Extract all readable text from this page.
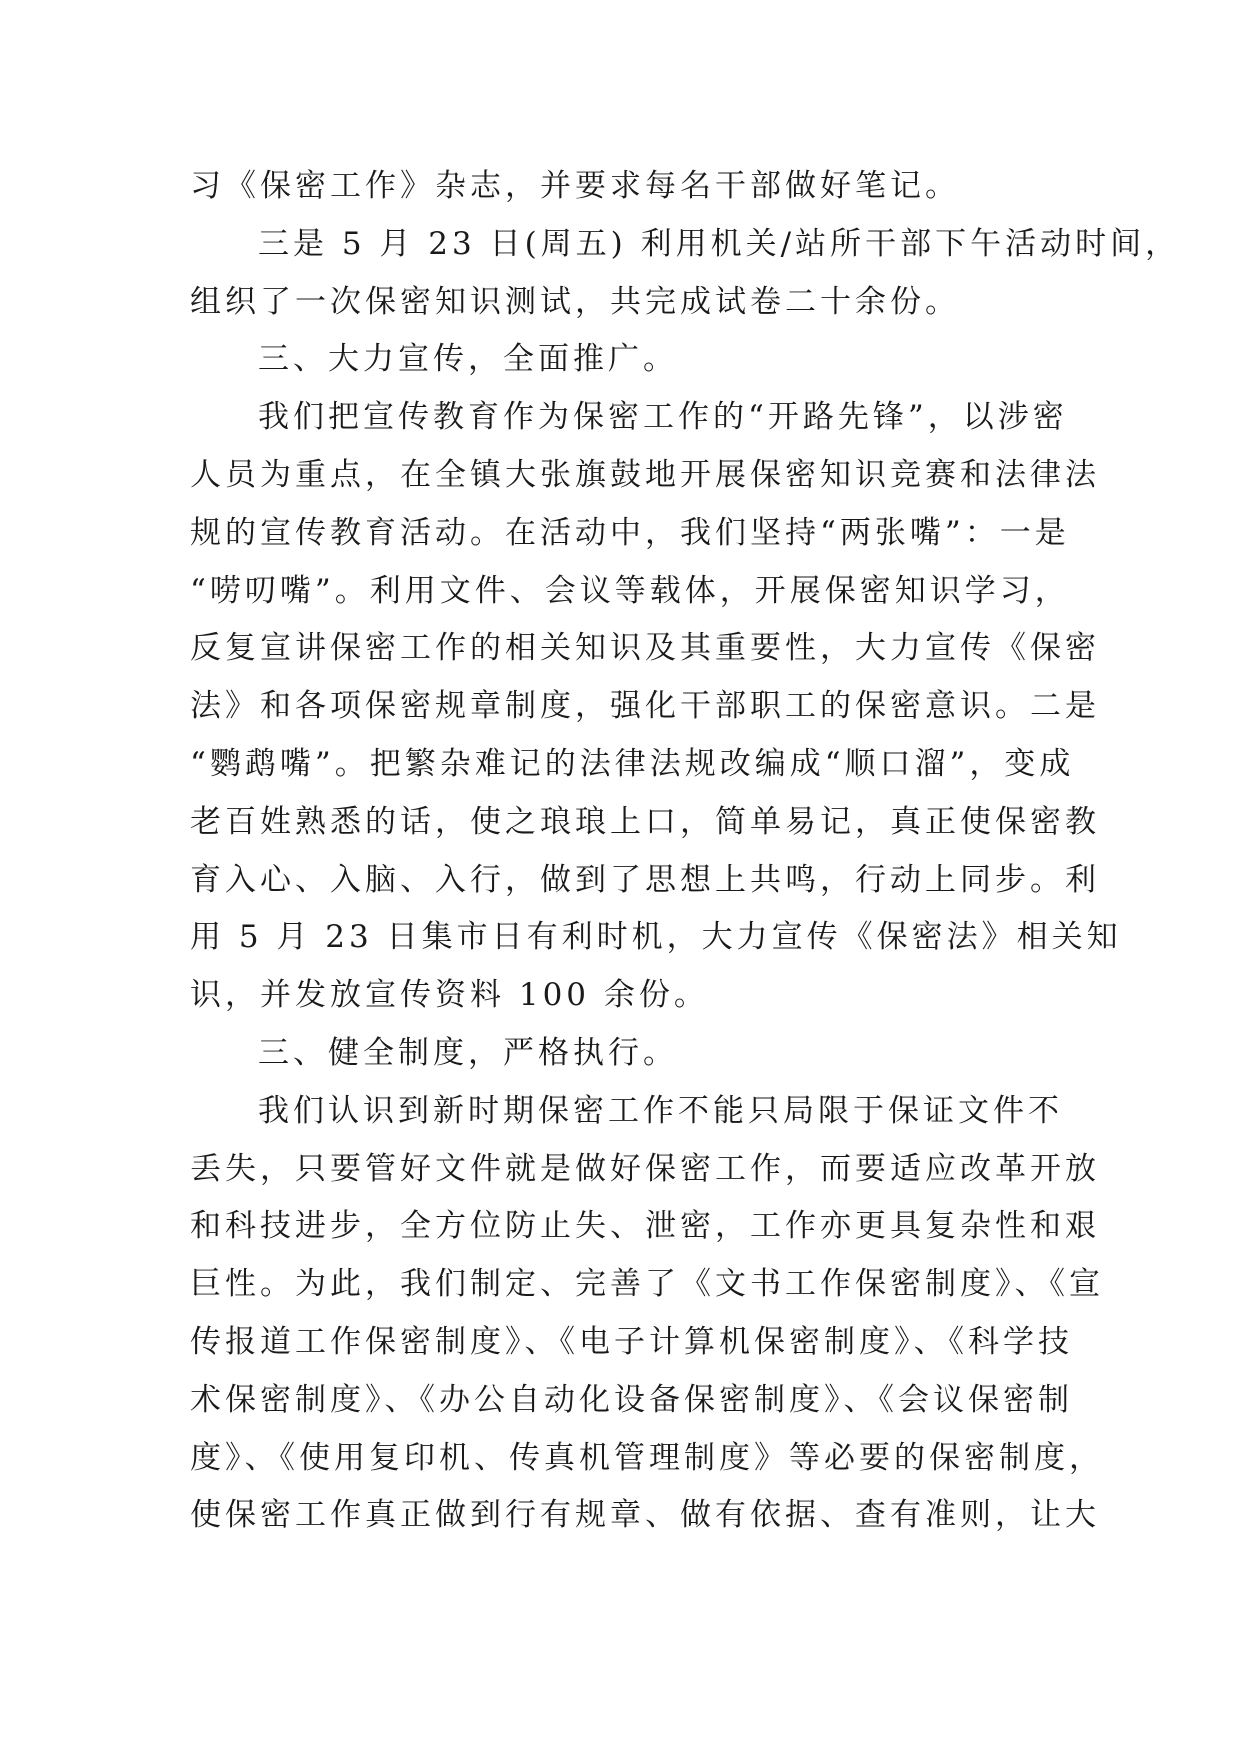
习《保密工作》杂志，并要求每名干部做好笔记。
三是 5 月 23 日(周五) 利用机关/站所干部下午活动时间，
组织了一次保密知识测试，共完成试卷二十余份。
三、大力宣传，全面推广。
我们把宣传教育作为保密工作的“开路先锋”，以涉密
人员为重点，在全镇大张旗鼓地开展保密知识竞赛和法律法
规的宣传教育活动。在活动中，我们坚持“两张嘴”：一是
“唠叨嘴”。利用文件、会议等载体，开展保密知识学习，
反复宣讲保密工作的相关知识及其重要性，大力宣传《保密
法》和各项保密规章制度，强化干部职工的保密意识。二是
“鹦鹉嘴”。把繁杂难记的法律法规改编成“顺口溜”，变成
老百姓熟悉的话，使之琅琅上口，简单易记，真正使保密教
育入心、入脑、入行，做到了思想上共鸣，行动上同步。利
用 5 月 23 日集市日有利时机，大力宣传《保密法》相关知
识，并发放宣传资料 100 余份。
三、健全制度，严格执行。
我们认识到新时期保密工作不能只局限于保证文件不
丢失，只要管好文件就是做好保密工作，而要适应改革开放
和科技进步，全方位防止失、泄密，工作亦更具复杂性和艰
巨性。为此，我们制定、完善了《文书工作保密制度》、《宣
传报道工作保密制度》、《电子计算机保密制度》、《科学技
术保密制度》、《办公自动化设备保密制度》、《会议保密制
度》、《使用复印机、传真机管理制度》等必要的保密制度，
使保密工作真正做到行有规章、做有依据、查有准则，让大
